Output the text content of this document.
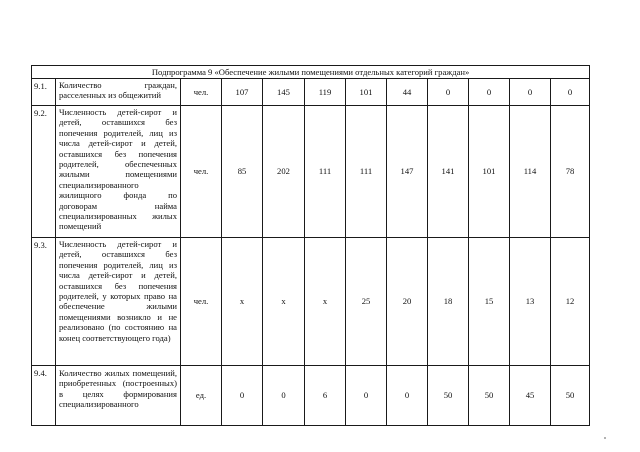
Подпрограмма 9 «Обеспечение жилыми помещениями отдельных категорий граждан»											
9.1.	Количество граждан, расселенных из общежитий	чел.	107	145	119	101	44	0	0	0	0
9.2.	Численность детей-сирот и детей, оставшихся без попечения родителей, лиц из числа детей-сирот и детей, оставшихся без попечения родителей, обеспеченных жилыми помещениями специализированного жилищного фонда по договорам найма специализированных жилых помещений	чел.	85	202	111	111	147	141	101	114	78
9.3.	Численность детей-сирот и детей, оставшихся без попечения родителей, лиц из числа детей-сирот и детей, оставшихся без попечения родителей, у которых право на обеспечение жилыми помещениями возникло и не реализовано (по состоянию на конец соответствующего года)	чел.	х	х	х	25	20	18	15	13	12
9.4.	Количество жилых помещений, приобретенных (построенных) в целях формирования специализированного	ед.	0	0	6	0	0	50	50	45	50
